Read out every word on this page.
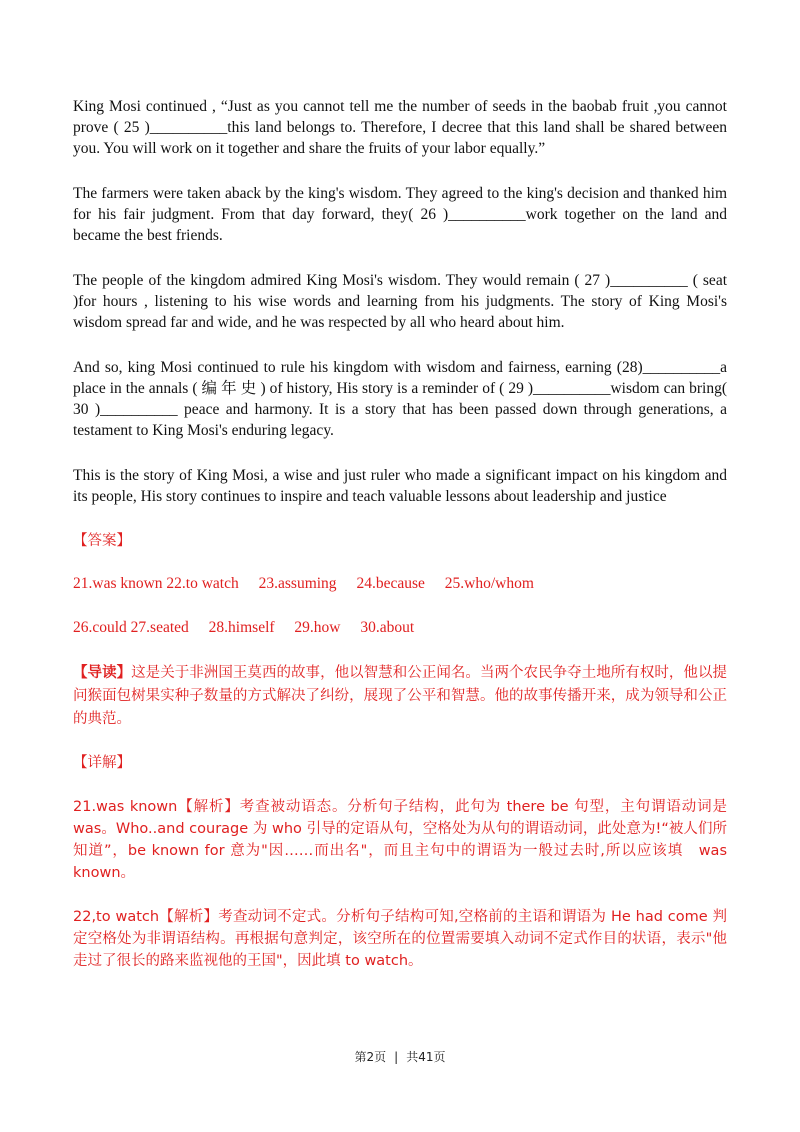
King Mosi continued , “Just as you cannot tell me the number of seeds in the baobab fruit ,you cannot prove ( 25 )__________this land belongs to. Therefore, I decree that this land shall be shared between you. You will work on it together and share the fruits of your labor equally.”

The farmers were taken aback by the king's wisdom. They agreed to the king's decision and thanked him for his fair judgment. From that day forward, they( 26 )__________work together on the land and became the best friends.

The people of the kingdom admired King Mosi's wisdom. They would remain ( 27 )__________ ( seat )for hours , listening to his wise words and learning from his judgments. The story of King Mosi's wisdom spread far and wide, and he was respected by all who heard about him.

And so, king Mosi continued to rule his kingdom with wisdom and fairness, earning (28)__________a place in the annals ( 编 年 史 ) of history, His story is a reminder of ( 29 )__________wisdom can bring( 30 )__________ peace and harmony. It is a story that has been passed down through generations, a testament to King Mosi's enduring legacy.

This is the story of King Mosi, a wise and just ruler who made a significant impact on his kingdom and its people, His story continues to inspire and teach valuable lessons about leadership and justice

【答案】

21.was known 22.to watch 23.assuming 24.because 25.who/whom

26.could 27.seated 28.himself 29.how 30.about

【导读】这是关于非洲国王莫西的故事，他以智慧和公正闻名。当两个农民争夺土地所有权时，他以提问猴面包树果实种子数量的方式解决了纠纷，展现了公平和智慧。他的故事传播开来，成为领导和公正的典范。

【详解】

21.was known【解析】考查被动语态。分析句子结构，此句为 there be 句型，主句谓语动词是　was。Who..and courage 为 who 引导的定语从句，空格处为从句的谓语动词，此处意为!“被人们所知道”，be known for 意为"因……而出名"，而且主句中的谓语为一般过去时,所以应该填　was known。

22,to watch【解析】考查动词不定式。分析句子结构可知,空格前的主语和谓语为 He had come 判定空格处为非谓语结构。再根据句意判定，该空所在的位置需要填入动词不定式作目的状语，表示"他走过了很长的路来监视他的王国"，因此填 to watch。

第2页 | 共41页
